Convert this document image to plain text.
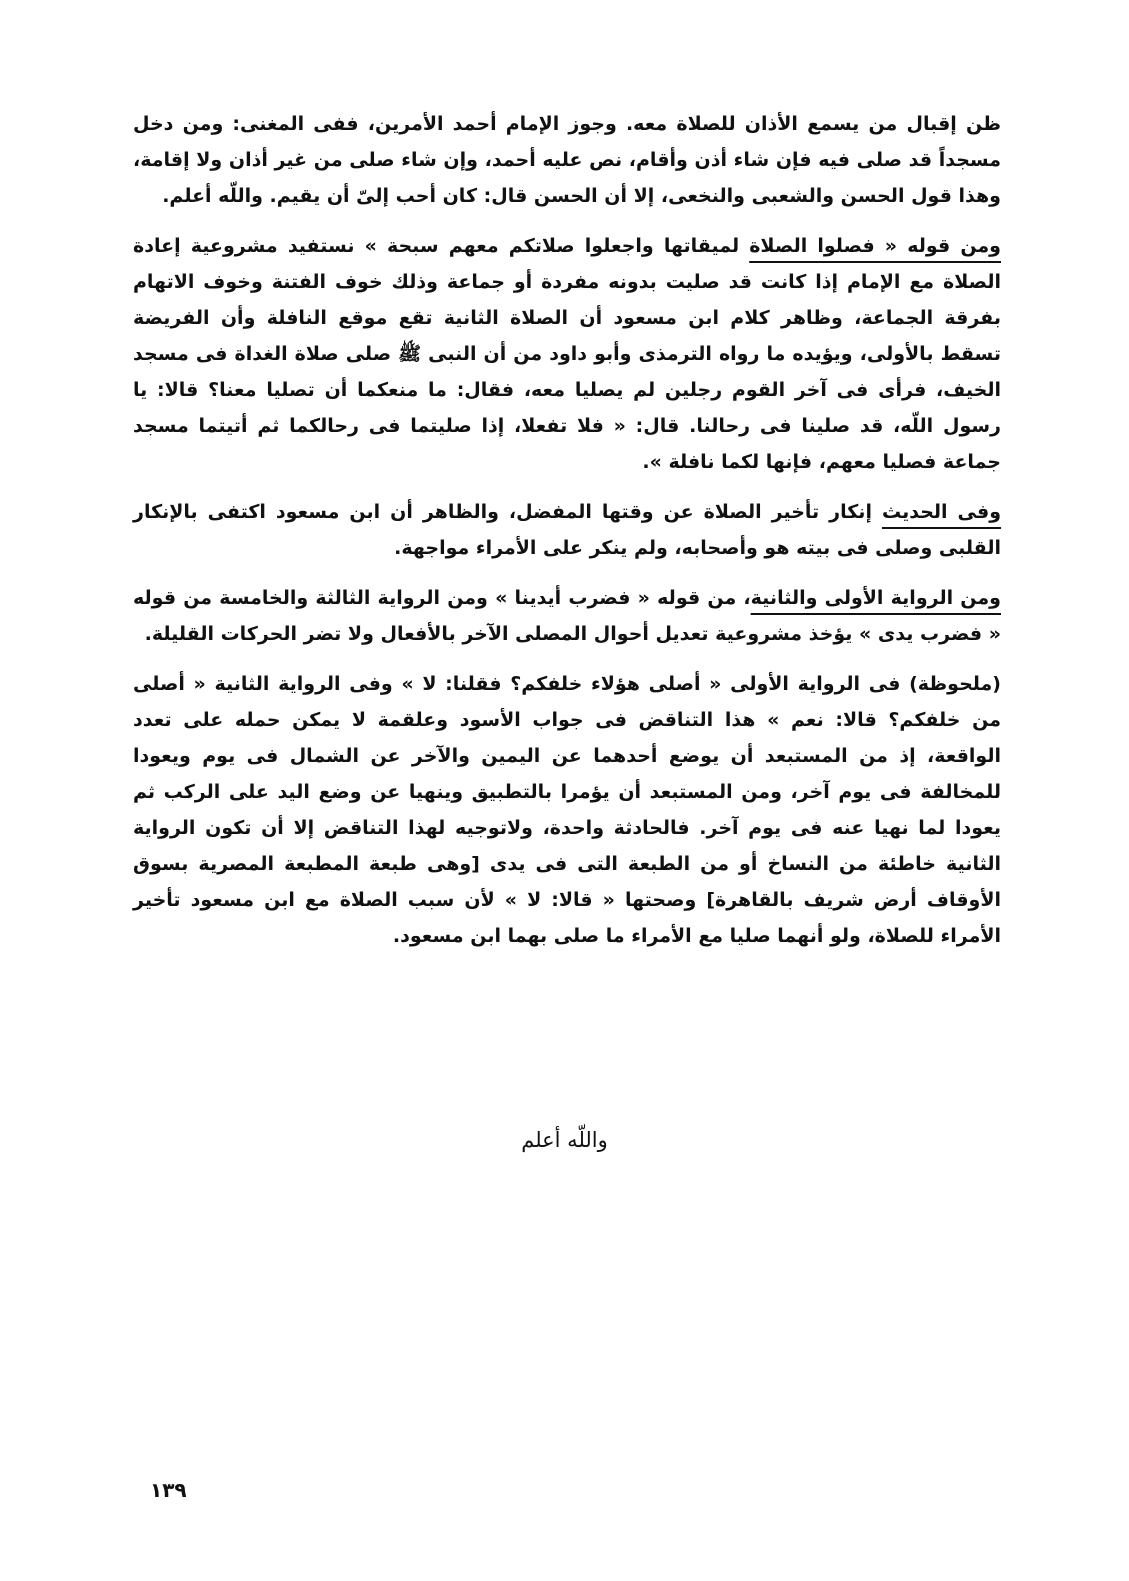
ظن إقبال من يسمع الأذان للصلاة معه. وجوز الإمام أحمد الأمرين، ففى المغنى: ومن دخل مسجداً قد صلى فيه فإن شاء أذن وأقام، نص عليه أحمد، وإن شاء صلى من غير أذان ولا إقامة، وهذا قول الحسن والشعبى والنخعى، إلا أن الحسن قال: كان أحب إلىّ أن يقيم. واللّه أعلم.

ومن قوله « فصلوا الصلاة لميقاتها واجعلوا صلاتكم معهم سبحة » نستفيد مشروعية إعادة الصلاة مع الإمام إذا كانت قد صليت بدونه مفردة أو جماعة وذلك خوف الفتنة وخوف الاتهام بفرقة الجماعة، وظاهر كلام ابن مسعود أن الصلاة الثانية تقع موقع النافلة وأن الفريضة تسقط بالأولى، ويؤيده ما رواه الترمذى وأبو داود من أن النبى ﷺ صلى صلاة الغداة فى مسجد الخيف، فرأى فى آخر القوم رجلين لم يصليا معه، فقال: ما منعكما أن تصليا معنا؟ قالا: يا رسول اللّه، قد صلينا فى رحالنا. قال: « فلا تفعلا، إذا صليتما فى رحالكما ثم أتيتما مسجد جماعة فصليا معهم، فإنها لكما نافلة ».

وفى الحديث إنكار تأخير الصلاة عن وقتها المفضل، والظاهر أن ابن مسعود اكتفى بالإنكار القلبى وصلى فى بيته هو وأصحابه، ولم ينكر على الأمراء مواجهة.

ومن الرواية الأولى والثانية، من قوله « فضرب أيدينا » ومن الرواية الثالثة والخامسة من قوله « فضرب يدى » يؤخذ مشروعية تعديل أحوال المصلى الآخر بالأفعال ولا تضر الحركات القليلة.

(ملحوظة) فى الرواية الأولى « أصلى هؤلاء خلفكم؟ فقلنا: لا » وفى الرواية الثانية « أصلى من خلفكم؟ قالا: نعم » هذا التناقض فى جواب الأسود وعلقمة لا يمكن حمله على تعدد الواقعة، إذ من المستبعد أن يوضع أحدهما عن اليمين والآخر عن الشمال فى يوم ويعودا للمخالفة فى يوم آخر، ومن المستبعد أن يؤمرا بالتطبيق وينهيا عن وضع اليد على الركب ثم يعودا لما نهيا عنه فى يوم آخر. فالحادثة واحدة، ولاتوجيه لهذا التناقض إلا أن تكون الرواية الثانية خاطئة من النساخ أو من الطبعة التى فى يدى [وهى طبعة المطبعة المصرية بسوق الأوقاف أرض شريف بالقاهرة] وصحتها « قالا: لا » لأن سبب الصلاة مع ابن مسعود تأخير الأمراء للصلاة، ولو أنهما صليا مع الأمراء ما صلى بهما ابن مسعود.

واللّه أعلم
١٣٩
